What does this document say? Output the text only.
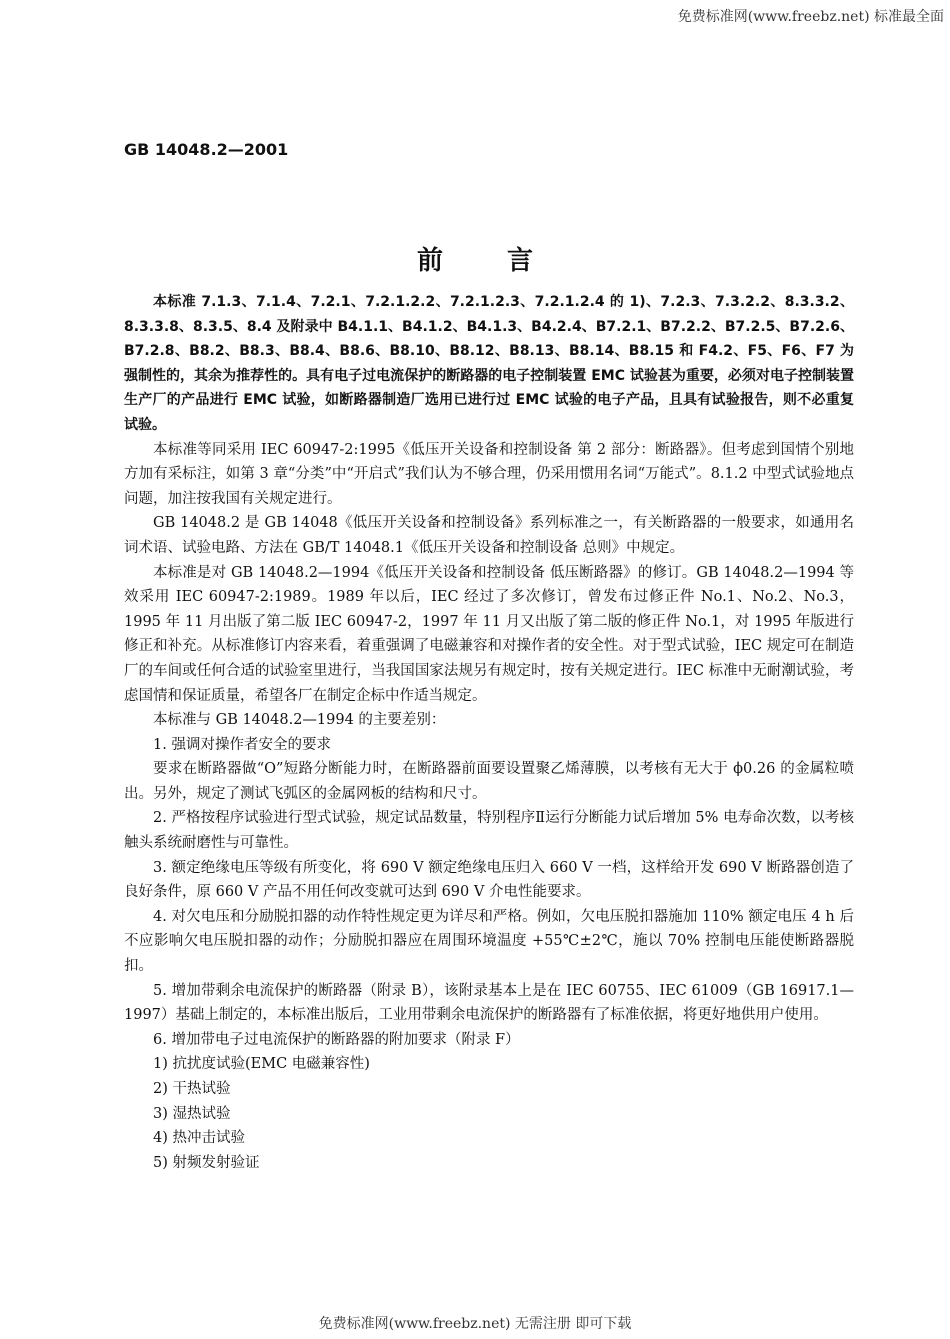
免费标准网(www.freebz.net) 标准最全面
GB 14048.2—2001
前言

本标准 7.1.3、7.1.4、7.2.1、7.2.1.2.2、7.2.1.2.3、7.2.1.2.4 的 1)、7.2.3、7.3.2.2、8.3.3.2、8.3.3.8、8.3.5、8.4 及附录中 B4.1.1、B4.1.2、B4.1.3、B4.2.4、B7.2.1、B7.2.2、B7.2.5、B7.2.6、B7.2.8、B8.2、B8.3、B8.4、B8.6、B8.10、B8.12、B8.13、B8.14、B8.15 和 F4.2、F5、F6、F7 为强制性的，其余为推荐性的。具有电子过电流保护的断路器的电子控制装置 EMC 试验甚为重要，必须对电子控制装置生产厂的产品进行 EMC 试验，如断路器制造厂选用已进行过 EMC 试验的电子产品，且具有试验报告，则不必重复试验。

本标准等同采用 IEC 60947-2:1995《低压开关设备和控制设备 第 2 部分：断路器》。但考虑到国情个别地方加有采标注，如第 3 章“分类”中“开启式”我们认为不够合理，仍采用惯用名词“万能式”。8.1.2 中型式试验地点问题，加注按我国有关规定进行。

GB 14048.2 是 GB 14048《低压开关设备和控制设备》系列标准之一，有关断路器的一般要求，如通用名词术语、试验电路、方法在 GB/T 14048.1《低压开关设备和控制设备 总则》中规定。

本标准是对 GB 14048.2—1994《低压开关设备和控制设备 低压断路器》的修订。GB 14048.2—1994 等效采用 IEC 60947-2:1989。1989 年以后，IEC 经过了多次修订，曾发布过修正件 No.1、No.2、No.3，1995 年 11 月出版了第二版 IEC 60947-2，1997 年 11 月又出版了第二版的修正件 No.1，对 1995 年版进行修正和补充。从标准修订内容来看，着重强调了电磁兼容和对操作者的安全性。对于型式试验，IEC 规定可在制造厂的车间或任何合适的试验室里进行，当我国国家法规另有规定时，按有关规定进行。IEC 标准中无耐潮试验，考虑国情和保证质量，希望各厂在制定企标中作适当规定。

本标准与 GB 14048.2—1994 的主要差别：

1. 强调对操作者安全的要求

要求在断路器做“O”短路分断能力时，在断路器前面要设置聚乙烯薄膜，以考核有无大于 ϕ0.26 的金属粒喷出。另外，规定了测试飞弧区的金属网板的结构和尺寸。

2. 严格按程序试验进行型式试验，规定试品数量，特别程序Ⅱ运行分断能力试后增加 5% 电寿命次数，以考核触头系统耐磨性与可靠性。

3. 额定绝缘电压等级有所变化，将 690 V 额定绝缘电压归入 660 V 一档，这样给开发 690 V 断路器创造了良好条件，原 660 V 产品不用任何改变就可达到 690 V 介电性能要求。

4. 对欠电压和分励脱扣器的动作特性规定更为详尽和严格。例如，欠电压脱扣器施加 110% 额定电压 4 h 后不应影响欠电压脱扣器的动作；分励脱扣器应在周围环境温度 +55℃±2℃，施以 70% 控制电压能使断路器脱扣。

5. 增加带剩余电流保护的断路器（附录 B），该附录基本上是在 IEC 60755、IEC 61009（GB 16917.1—1997）基础上制定的，本标准出版后，工业用带剩余电流保护的断路器有了标准依据，将更好地供用户使用。

6. 增加带电子过电流保护的断路器的附加要求（附录 F）

1) 抗扰度试验(EMC 电磁兼容性)

2) 干热试验

3) 湿热试验

4) 热冲击试验

5) 射频发射验证

免费标准网(www.freebz.net) 无需注册 即可下载
